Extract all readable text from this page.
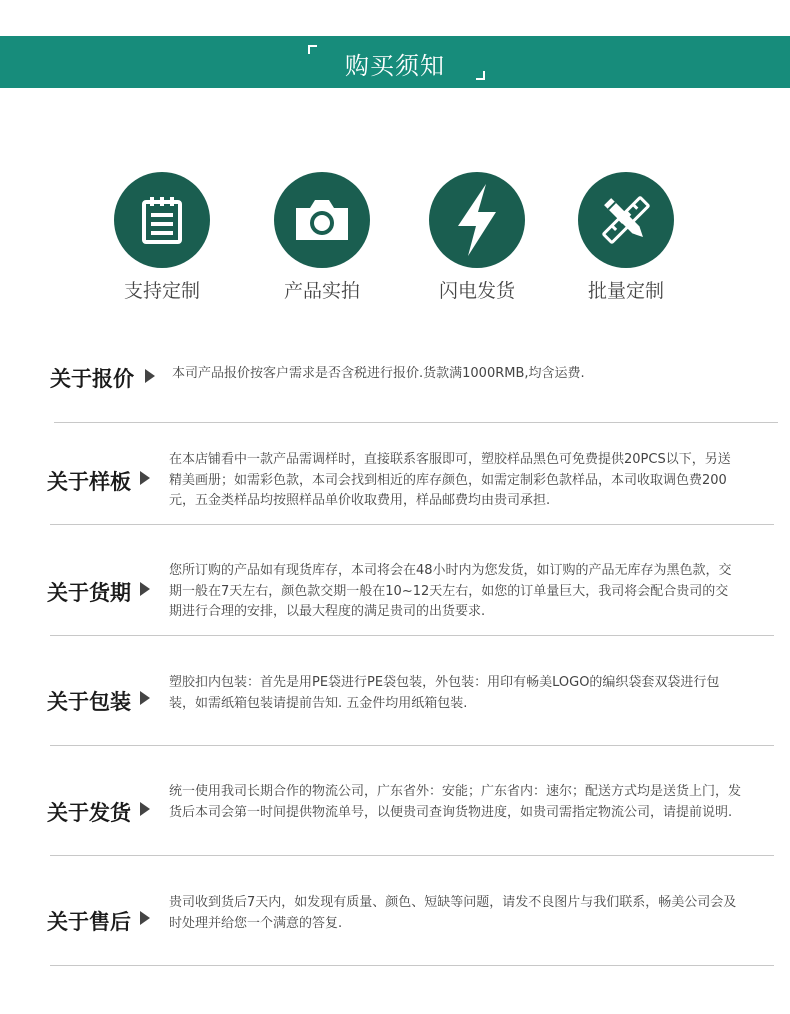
购买须知
支持定制	产品实拍	闪电发货	批量定制
关于报价	本司产品报价按客户需求是否含税进行报价.货款满1000RMB,均含运费.
关于样板
在本店铺看中一款产品需调样时，直接联系客服即可，塑胶样品黑色可免费提供20PCS以下，另送精美画册；如需彩色款，本司会找到相近的库存颜色，如需定制彩色款样品，本司收取调色费200元，五金类样品均按照样品单价收取费用，样品邮费均由贵司承担.
关于货期
您所订购的产品如有现货库存，本司将会在48小时内为您发货，如订购的产品无库存为黑色款，交期一般在7天左右，颜色款交期一般在10~12天左右，如您的订单量巨大，我司将会配合贵司的交期进行合理的安排，以最大程度的满足贵司的出货要求.
关于包装
塑胶扣内包装：首先是用PE袋进行PE袋包装，外包装：用印有畅美LOGO的编织袋套双袋进行包装，如需纸箱包装请提前告知. 五金件均用纸箱包装.
关于发货
统一使用我司长期合作的物流公司，广东省外：安能；广东省内：速尔；配送方式均是送货上门，发货后本司会第一时间提供物流单号，以便贵司查询货物进度，如贵司需指定物流公司，请提前说明.
关于售后
贵司收到货后7天内，如发现有质量、颜色、短缺等问题，请发不良图片与我们联系，畅美公司会及时处理并给您一个满意的答复.
